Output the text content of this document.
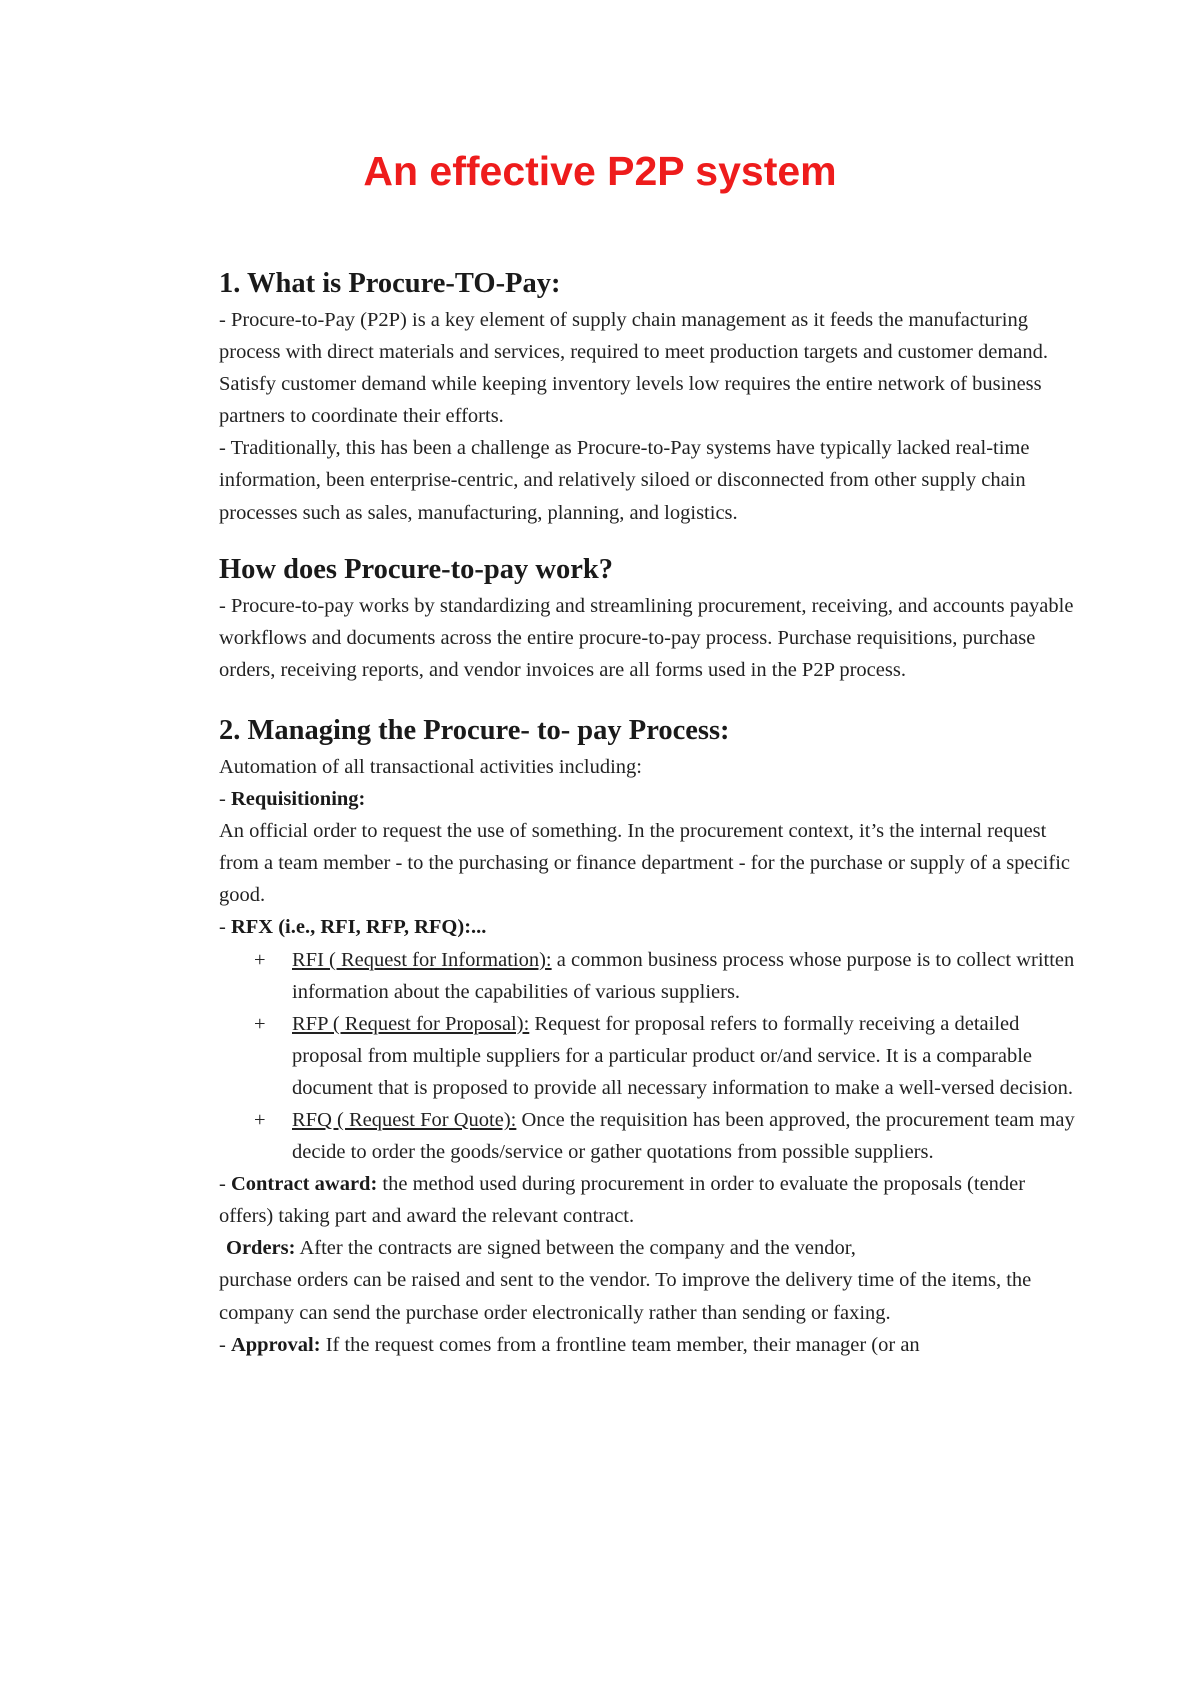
An effective P2P system
1. What is Procure-TO-Pay:

- Procure-to-Pay (P2P) is a key element of supply chain management as it feeds the manufacturing process with direct materials and services, required to meet production targets and customer demand. Satisfy customer demand while keeping inventory levels low requires the entire network of business partners to coordinate their efforts.

- Traditionally, this has been a challenge as Procure-to-Pay systems have typically lacked real-time information, been enterprise-centric, and relatively siloed or disconnected from other supply chain processes such as sales, manufacturing, planning, and logistics.

How does Procure-to-pay work?

- Procure-to-pay works by standardizing and streamlining procurement, receiving, and accounts payable workflows and documents across the entire procure-to-pay process. Purchase requisitions, purchase orders, receiving reports, and vendor invoices are all forms used in the P2P process.

2. Managing the Procure- to- pay Process:

Automation of all transactional activities including:

- Requisitioning:

An official order to request the use of something. In the procurement context, it’s the internal request from a team member - to the purchasing or finance department - for the purchase or supply of a specific good.

- RFX (i.e., RFI, RFP, RFQ):...

+ RFI ( Request for Information): a common business process whose purpose is to collect written information about the capabilities of various suppliers.
+ RFP ( Request for Proposal): Request for proposal refers to formally receiving a detailed proposal from multiple suppliers for a particular product or/and service. It is a comparable document that is proposed to provide all necessary information to make a well-versed decision.
+ RFQ ( Request For Quote): Once the requisition has been approved, the procurement team may decide to order the goods/service or gather quotations from possible suppliers.

- Contract award: the method used during procurement in order to evaluate the proposals (tender offers) taking part and award the relevant contract.

Orders: After the contracts are signed between the company and the vendor,

purchase orders can be raised and sent to the vendor. To improve the delivery time of the items, the company can send the purchase order electronically rather than sending or faxing.

- Approval: If the request comes from a frontline team member, their manager (or an
